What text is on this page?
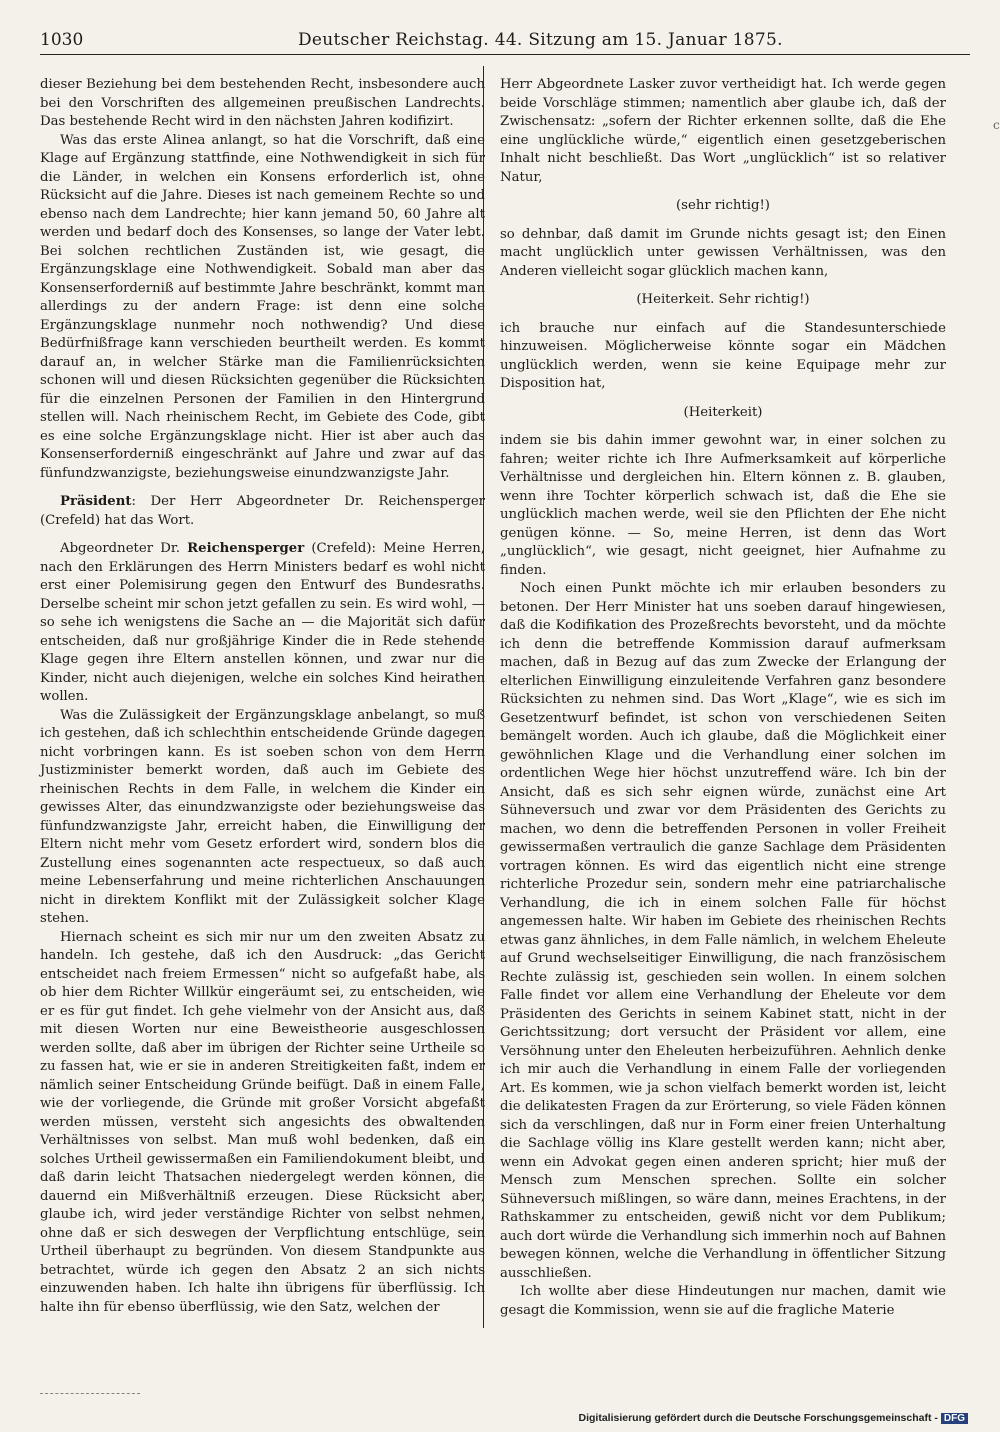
1030	Deutscher Reichstag. 44. Sitzung am 15. Januar 1875.
c

dieser Beziehung bei dem bestehenden Recht, insbesondere auch bei den Vorschriften des allgemeinen preußischen Landrechts. Das bestehende Recht wird in den nächsten Jahren kodifizirt.

Was das erste Alinea anlangt, so hat die Vorschrift, daß eine Klage auf Ergänzung stattfinde, eine Nothwendigkeit in sich für die Länder, in welchen ein Konsens erforderlich ist, ohne Rücksicht auf die Jahre. Dieses ist nach gemeinem Rechte so und ebenso nach dem Landrechte; hier kann jemand 50, 60 Jahre alt werden und bedarf doch des Konsenses, so lange der Vater lebt. Bei solchen rechtlichen Zuständen ist, wie gesagt, die Ergänzungsklage eine Nothwendigkeit. Sobald man aber das Konsenserforderniß auf bestimmte Jahre beschränkt, kommt man allerdings zu der andern Frage: ist denn eine solche Ergänzungsklage nunmehr noch nothwendig? Und diese Bedürfnißfrage kann verschieden beurtheilt werden. Es kommt darauf an, in welcher Stärke man die Familienrücksichten schonen will und diesen Rücksichten gegenüber die Rücksichten für die einzelnen Personen der Familien in den Hintergrund stellen will. Nach rheinischem Recht, im Gebiete des Code, gibt es eine solche Ergänzungsklage nicht. Hier ist aber auch das Konsenserforderniß eingeschränkt auf Jahre und zwar auf das fünfundzwanzigste, beziehungsweise einundzwanzigste Jahr.

Präsident: Der Herr Abgeordneter Dr. Reichensperger (Crefeld) hat das Wort.

Abgeordneter Dr. Reichensperger (Crefeld): Meine Herren, nach den Erklärungen des Herrn Ministers bedarf es wohl nicht erst einer Polemisirung gegen den Entwurf des Bundesraths. Derselbe scheint mir schon jetzt gefallen zu sein. Es wird wohl, — so sehe ich wenigstens die Sache an — die Majorität sich dafür entscheiden, daß nur großjährige Kinder die in Rede stehende Klage gegen ihre Eltern anstellen können, und zwar nur die Kinder, nicht auch diejenigen, welche ein solches Kind heirathen wollen.

Was die Zulässigkeit der Ergänzungsklage anbelangt, so muß ich gestehen, daß ich schlechthin entscheidende Gründe dagegen nicht vorbringen kann. Es ist soeben schon von dem Herrn Justizminister bemerkt worden, daß auch im Gebiete des rheinischen Rechts in dem Falle, in welchem die Kinder ein gewisses Alter, das einundzwanzigste oder beziehungsweise das fünfundzwanzigste Jahr, erreicht haben, die Einwilligung der Eltern nicht mehr vom Gesetz erfordert wird, sondern blos die Zustellung eines sogenannten acte respectueux, so daß auch meine Lebenserfahrung und meine richterlichen Anschauungen nicht in direktem Konflikt mit der Zulässigkeit solcher Klage stehen.

Hiernach scheint es sich mir nur um den zweiten Absatz zu handeln. Ich gestehe, daß ich den Ausdruck: „das Gericht entscheidet nach freiem Ermessen“ nicht so aufgefaßt habe, als ob hier dem Richter Willkür eingeräumt sei, zu entscheiden, wie er es für gut findet. Ich gehe vielmehr von der Ansicht aus, daß mit diesen Worten nur eine Beweistheorie ausgeschlossen werden sollte, daß aber im übrigen der Richter seine Urtheile so zu fassen hat, wie er sie in anderen Streitigkeiten faßt, indem er nämlich seiner Entscheidung Gründe beifügt. Daß in einem Falle, wie der vorliegende, die Gründe mit großer Vorsicht abgefaßt werden müssen, versteht sich angesichts des obwaltenden Verhältnisses von selbst. Man muß wohl bedenken, daß ein solches Urtheil gewissermaßen ein Familiendokument bleibt, und daß darin leicht Thatsachen niedergelegt werden können, die dauernd ein Mißverhältniß erzeugen. Diese Rücksicht aber, glaube ich, wird jeder verständige Richter von selbst nehmen, ohne daß er sich deswegen der Verpflichtung entschlüge, sein Urtheil überhaupt zu begründen. Von diesem Standpunkte aus betrachtet, würde ich gegen den Absatz 2 an sich nichts einzuwenden haben. Ich halte ihn übrigens für überflüssig. Ich halte ihn für ebenso überflüssig, wie den Satz, welchen der

Herr Abgeordnete Lasker zuvor vertheidigt hat. Ich werde gegen beide Vorschläge stimmen; namentlich aber glaube ich, daß der Zwischensatz: „sofern der Richter erkennen sollte, daß die Ehe eine unglückliche würde,“ eigentlich einen gesetzgeberischen Inhalt nicht beschließt. Das Wort „unglücklich“ ist so relativer Natur,

(sehr richtig!)

so dehnbar, daß damit im Grunde nichts gesagt ist; den Einen macht unglücklich unter gewissen Verhältnissen, was den Anderen vielleicht sogar glücklich machen kann,

(Heiterkeit. Sehr richtig!)

ich brauche nur einfach auf die Standesunterschiede hinzuweisen. Möglicherweise könnte sogar ein Mädchen unglücklich werden, wenn sie keine Equipage mehr zur Disposition hat,

(Heiterkeit)

indem sie bis dahin immer gewohnt war, in einer solchen zu fahren; weiter richte ich Ihre Aufmerksamkeit auf körperliche Verhältnisse und dergleichen hin. Eltern können z. B. glauben, wenn ihre Tochter körperlich schwach ist, daß die Ehe sie unglücklich machen werde, weil sie den Pflichten der Ehe nicht genügen könne. — So, meine Herren, ist denn das Wort „unglücklich“, wie gesagt, nicht geeignet, hier Aufnahme zu finden.

Noch einen Punkt möchte ich mir erlauben besonders zu betonen. Der Herr Minister hat uns soeben darauf hingewiesen, daß die Kodifikation des Prozeßrechts bevorsteht, und da möchte ich denn die betreffende Kommission darauf aufmerksam machen, daß in Bezug auf das zum Zwecke der Erlangung der elterlichen Einwilligung einzuleitende Verfahren ganz besondere Rücksichten zu nehmen sind. Das Wort „Klage“, wie es sich im Gesetzentwurf befindet, ist schon von verschiedenen Seiten bemängelt worden. Auch ich glaube, daß die Möglichkeit einer gewöhnlichen Klage und die Verhandlung einer solchen im ordentlichen Wege hier höchst unzutreffend wäre. Ich bin der Ansicht, daß es sich sehr eignen würde, zunächst eine Art Sühneversuch und zwar vor dem Präsidenten des Gerichts zu machen, wo denn die betreffenden Personen in voller Freiheit gewissermaßen vertraulich die ganze Sachlage dem Präsidenten vortragen können. Es wird das eigentlich nicht eine strenge richterliche Prozedur sein, sondern mehr eine patriarchalische Verhandlung, die ich in einem solchen Falle für höchst angemessen halte. Wir haben im Gebiete des rheinischen Rechts etwas ganz ähnliches, in dem Falle nämlich, in welchem Eheleute auf Grund wechselseitiger Einwilligung, die nach französischem Rechte zulässig ist, geschieden sein wollen. In einem solchen Falle findet vor allem eine Verhandlung der Eheleute vor dem Präsidenten des Gerichts in seinem Kabinet statt, nicht in der Gerichtssitzung; dort versucht der Präsident vor allem, eine Versöhnung unter den Eheleuten herbeizuführen. Aehnlich denke ich mir auch die Verhandlung in einem Falle der vorliegenden Art. Es kommen, wie ja schon vielfach bemerkt worden ist, leicht die delikatesten Fragen da zur Erörterung, so viele Fäden können sich da verschlingen, daß nur in Form einer freien Unterhaltung die Sachlage völlig ins Klare gestellt werden kann; nicht aber, wenn ein Advokat gegen einen anderen spricht; hier muß der Mensch zum Menschen sprechen. Sollte ein solcher Sühneversuch mißlingen, so wäre dann, meines Erachtens, in der Rathskammer zu entscheiden, gewiß nicht vor dem Publikum; auch dort würde die Verhandlung sich immerhin noch auf Bahnen bewegen können, welche die Verhandlung in öffentlicher Sitzung ausschließen.

Ich wollte aber diese Hindeutungen nur machen, damit wie gesagt die Kommission, wenn sie auf die fragliche Materie

Digitalisierung gefördert durch die Deutsche Forschungsgemeinschaft - DFG
